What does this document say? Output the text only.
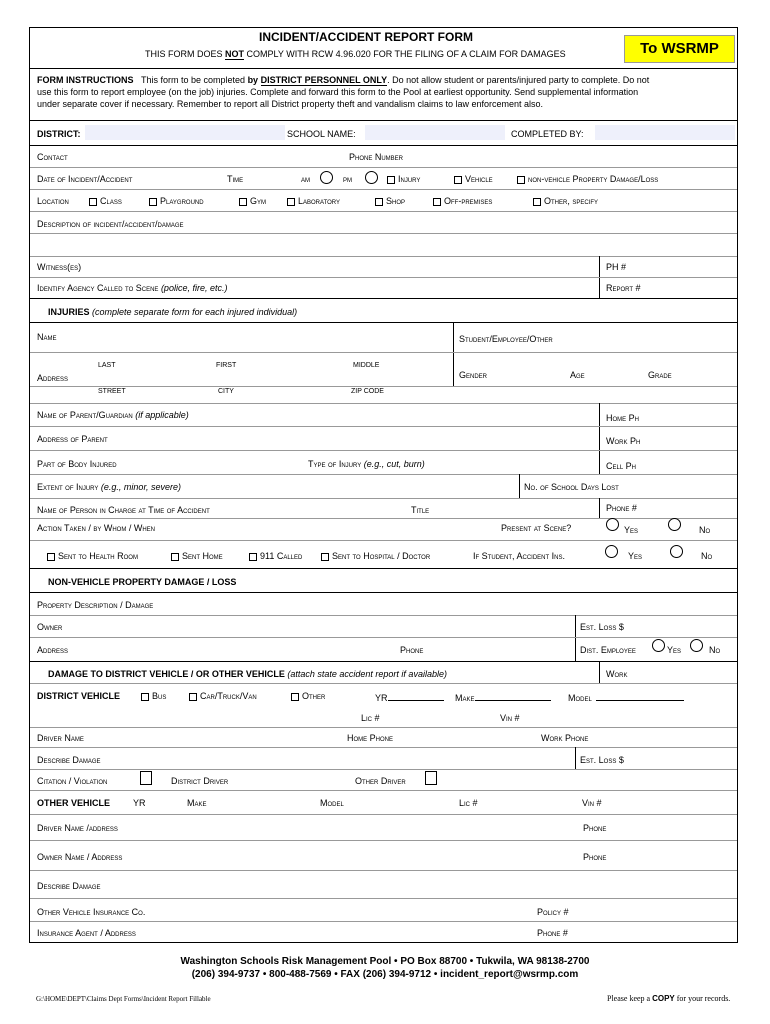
INCIDENT/ACCIDENT REPORT FORM
THIS FORM DOES NOT COMPLY WITH RCW 4.96.020 FOR THE FILING OF A CLAIM FOR DAMAGES
FORM INSTRUCTIONS This form to be completed by DISTRICT PERSONNEL ONLY. Do not allow student or parents/injured party to complete. Do not
use this form to report employee (on the job) injuries. Complete and forward this form to the Pool at earliest opportunity. Send supplemental information
under separate cover if necessary. Remember to report all District property theft and vandalism claims to law enforcement also.
DISTRICT:	SCHOOL NAME:	COMPLETED BY:
Contact	Phone Number
Date of Incident/Accident	Time	am	pm	Injury	Vehicle	non-vehicle Property Damage/Loss
Location	Class	Playground	Gym	Laboratory	Shop	Off-premises	Other, specify
Description of incident/accident/damage
Witness(es)	PH #
Identify Agency Called to Scene (police, fire, etc.)	Report #
INJURIES (complete separate form for each injured individual)
Name	Student/Employee/Other
LAST	FIRST	MIDDLE
Address	Gender	Age	Grade
STREET	CITY	ZIP CODE
Name of Parent/Guardian (if applicable)	Home Ph
Address of Parent	Work Ph
Part of Body Injured	Type of Injury (e.g., cut, burn)	Cell Ph
Extent of Injury (e.g., minor, severe)	No. of School Days Lost
Name of Person in Charge at Time of Accident	Title	Phone #
Action Taken / by Whom / When	Present at Scene?	Yes	No
Sent to Health Room	Sent Home	911 Called	Sent to Hospital / Doctor	If Student, Accident Ins.	Yes	No
NON-VEHICLE PROPERTY DAMAGE / LOSS
Property Description / Damage
Owner	Est. Loss $
Address	Phone	Dist. Employee	Yes	No
DAMAGE TO DISTRICT VEHICLE / OR OTHER VEHICLE (attach state accident report if available)	Work
DISTRICT VEHICLE	Bus	Car/Truck/Van	Other	YR	Make	Model
Lic #	Vin #
Driver Name	Home Phone	Work Phone
Describe Damage	Est. Loss $
Citation / Violation	District Driver	Other Driver
OTHER VEHICLE	YR	Make	Model	Lic #	Vin #
Driver Name /address	Phone
Owner Name / Address	Phone
Describe Damage
Other Vehicle Insurance Co.	Policy #
Insurance Agent / Address	Phone #
To WSRMP
Washington Schools Risk Management Pool • PO Box 88700 • Tukwila, WA 98138-2700
(206) 394-9737 • 800-488-7569 • FAX (206) 394-9712 • incident_report@wsrmp.com
G:\HOME\DEPT\Claims Dept Forms\Incident Report Fillable	Please keep a COPY for your records.
